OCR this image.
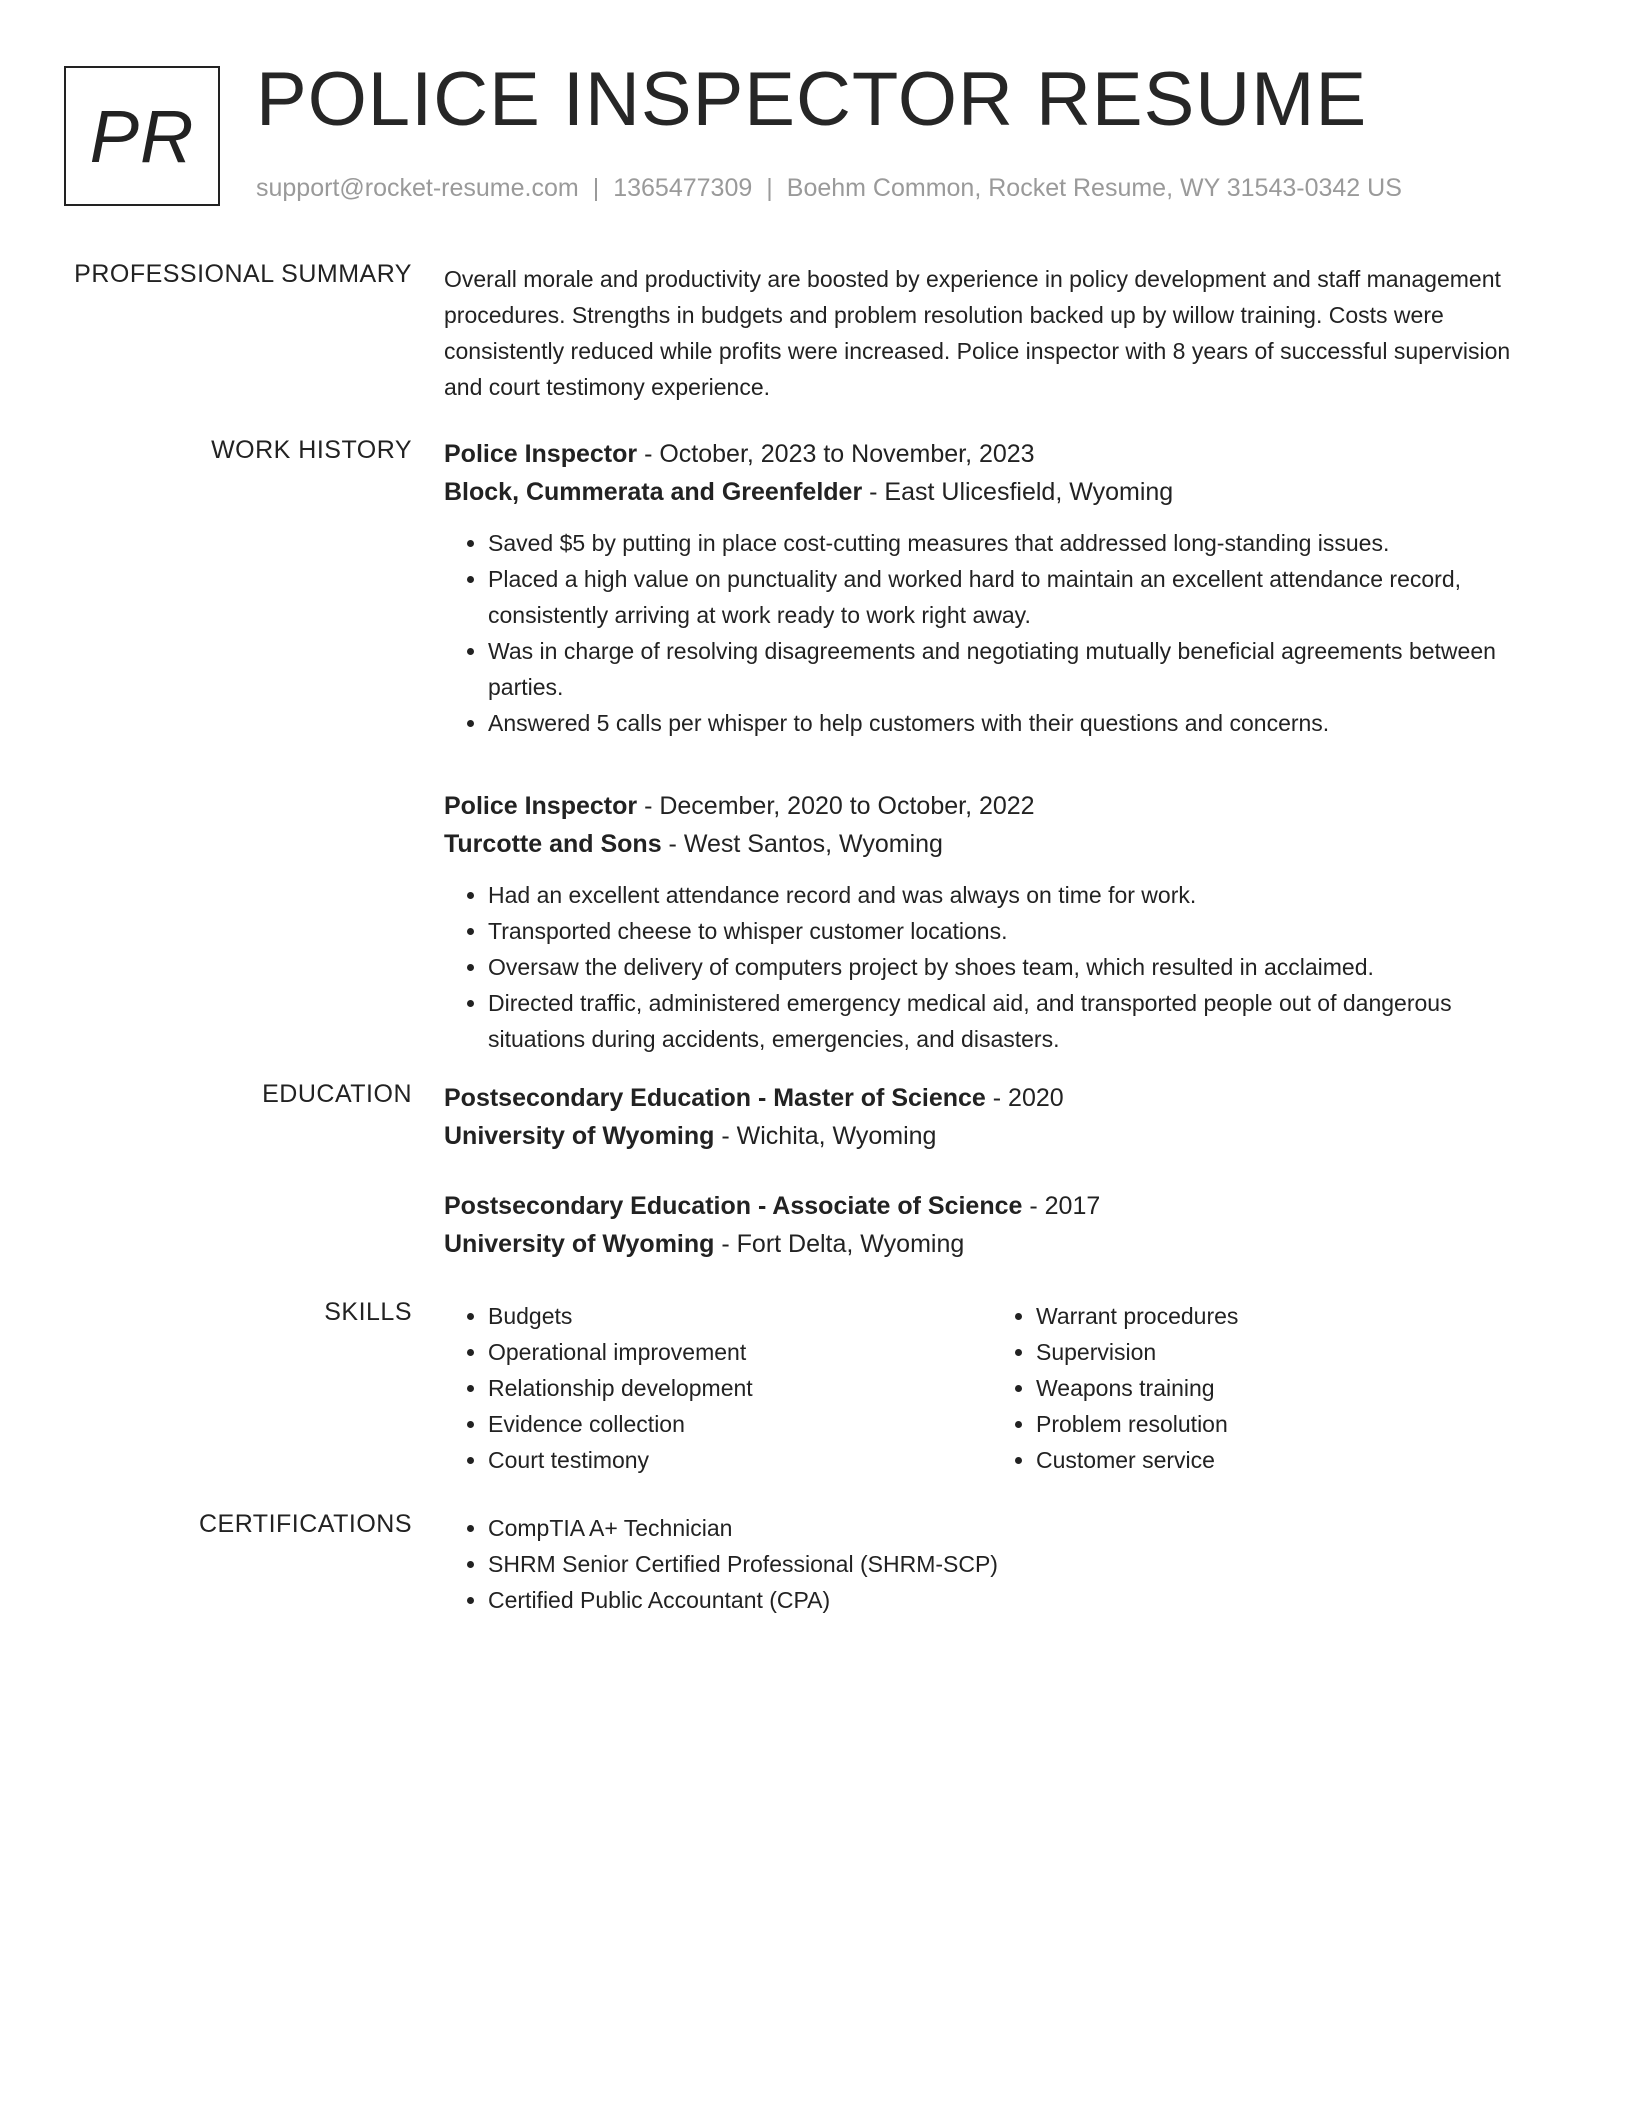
PR POLICE INSPECTOR RESUME
support@rocket-resume.com | 1365477309 | Boehm Common, Rocket Resume, WY 31543-0342 US
PROFESSIONAL SUMMARY Overall morale and productivity are boosted by experience in policy development and staff management procedures. Strengths in budgets and problem resolution backed up by willow training. Costs were consistently reduced while profits were increased. Police inspector with 8 years of successful supervision and court testimony experience.

WORK HISTORY Police Inspector - October, 2023 to November, 2023
Block, Cummerata and Greenfelder - East Ulicesfield, Wyoming
• Saved $5 by putting in place cost-cutting measures that addressed long-standing issues.
• Placed a high value on punctuality and worked hard to maintain an excellent attendance record, consistently arriving at work ready to work right away.
• Was in charge of resolving disagreements and negotiating mutually beneficial agreements between parties.
• Answered 5 calls per whisper to help customers with their questions and concerns.
Police Inspector - December, 2020 to October, 2022
Turcotte and Sons - West Santos, Wyoming
• Had an excellent attendance record and was always on time for work.
• Transported cheese to whisper customer locations.
• Oversaw the delivery of computers project by shoes team, which resulted in acclaimed.
• Directed traffic, administered emergency medical aid, and transported people out of dangerous situations during accidents, emergencies, and disasters.
EDUCATION Postsecondary Education - Master of Science - 2020
University of Wyoming - Wichita, Wyoming
Postsecondary Education - Associate of Science - 2017
University of Wyoming - Fort Delta, Wyoming
SKILLS	• Budgets
• Operational improvement
• Relationship development
• Evidence collection
• Court testimony
• Warrant procedures
• Supervision
• Weapons training
• Problem resolution
• Customer service
CERTIFICATIONS	• CompTIA A+ Technician
• SHRM Senior Certified Professional (SHRM-SCP)
• Certified Public Accountant (CPA)
